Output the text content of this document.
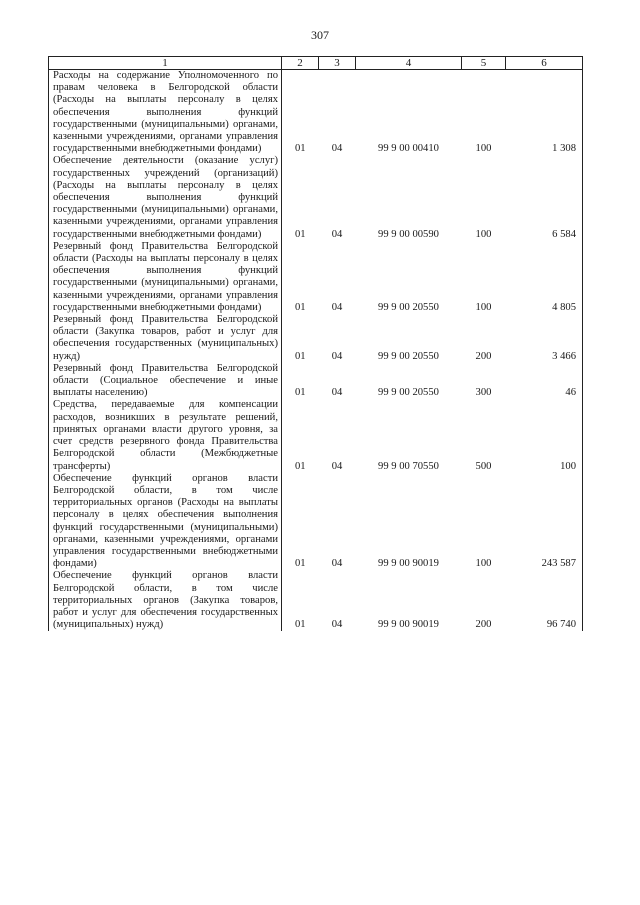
307
1	2	3	4	5	6
Расходы на содержание Уполномоченного по правам человека в Белгородской области (Расходы на выплаты персоналу в целях обеспечения выполнения функций государственными (муниципальными) органами, казенными учреждениями, органами управления государственными внебюджетными фондами)	01	04	99 9 00 00410	100	1 308
Обеспечение деятельности (оказание услуг) государственных учреждений (организаций) (Расходы на выплаты персоналу в целях обеспечения выполнения функций государственными (муниципальными) органами, казенными учреждениями, органами управления государственными внебюджетными фондами)	01	04	99 9 00 00590	100	6 584
Резервный фонд Правительства Белгородской области (Расходы на выплаты персоналу в целях обеспечения выполнения функций государственными (муниципальными) органами, казенными учреждениями, органами управления государственными внебюджетными фондами)	01	04	99 9 00 20550	100	4 805
Резервный фонд Правительства Белгородской области (Закупка товаров, работ и услуг для обеспечения государственных (муниципальных) нужд)	01	04	99 9 00 20550	200	3 466
Резервный фонд Правительства Белгородской области (Социальное обеспечение и иные выплаты населению)	01	04	99 9 00 20550	300	46
Средства, передаваемые для компенсации расходов, возникших в результате решений, принятых органами власти другого уровня, за счет средств резервного фонда Правительства Белгородской области (Межбюджетные трансферты)	01	04	99 9 00 70550	500	100
Обеспечение функций органов власти Белгородской области, в том числе территориальных органов (Расходы на выплаты персоналу в целях обеспечения выполнения функций государственными (муниципальными) органами, казенными учреждениями, органами управления государственными внебюджетными фондами)	01	04	99 9 00 90019	100	243 587
Обеспечение функций органов власти Белгородской области, в том числе территориальных органов (Закупка товаров, работ и услуг для обеспечения государственных (муниципальных) нужд)	01	04	99 9 00 90019	200	96 740
